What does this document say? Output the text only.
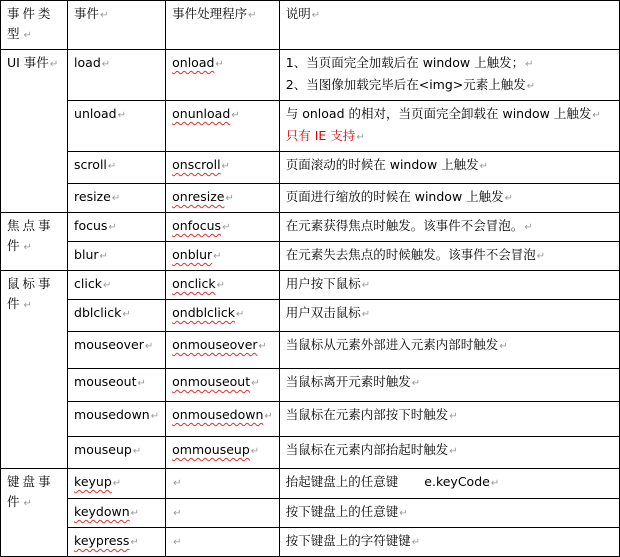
事件类型↵	事件↵	事件处理程序↵	说明↵
UI 事件↵	load↵	onload↵	1、当页面完全加载后在 window 上触发；↵
2、当图像加载完毕后在<img>元素上触发↵
	unload↵	onunload↵	与 onload 的相对，当页面完全卸载在 window 上触发↵
只有 IE 支持↵
	scroll↵	onscroll↵	页面滚动的时候在 window 上触发↵
	resize↵	onresize↵	页面进行缩放的时候在 window 上触发↵
焦点事件↵	focus↵	onfocus↵	在元素获得焦点时触发。该事件不会冒泡。↵
	blur↵	onblur↵	在元素失去焦点的时候触发。该事件不会冒泡↵
鼠标事件↵	click↵	onclick↵	用户按下鼠标↵
	dblclick↵	ondblclick↵	用户双击鼠标↵
	mouseover↵	onmouseover↵	当鼠标从元素外部进入元素内部时触发↵
	mouseout↵	onmouseout↵	当鼠标离开元素时触发↵
	mousedown↵	onmousedown↵	当鼠标在元素内部按下时触发↵
	mouseup↵	ommouseup↵	当鼠标在元素内部抬起时触发↵
键盘事件↵	keyup↵	↵	抬起键盘上的任意键 e.keyCode↵
	keydown↵	↵	按下键盘上的任意键↵
	keypress↵	↵	按下键盘上的字符键键↵
